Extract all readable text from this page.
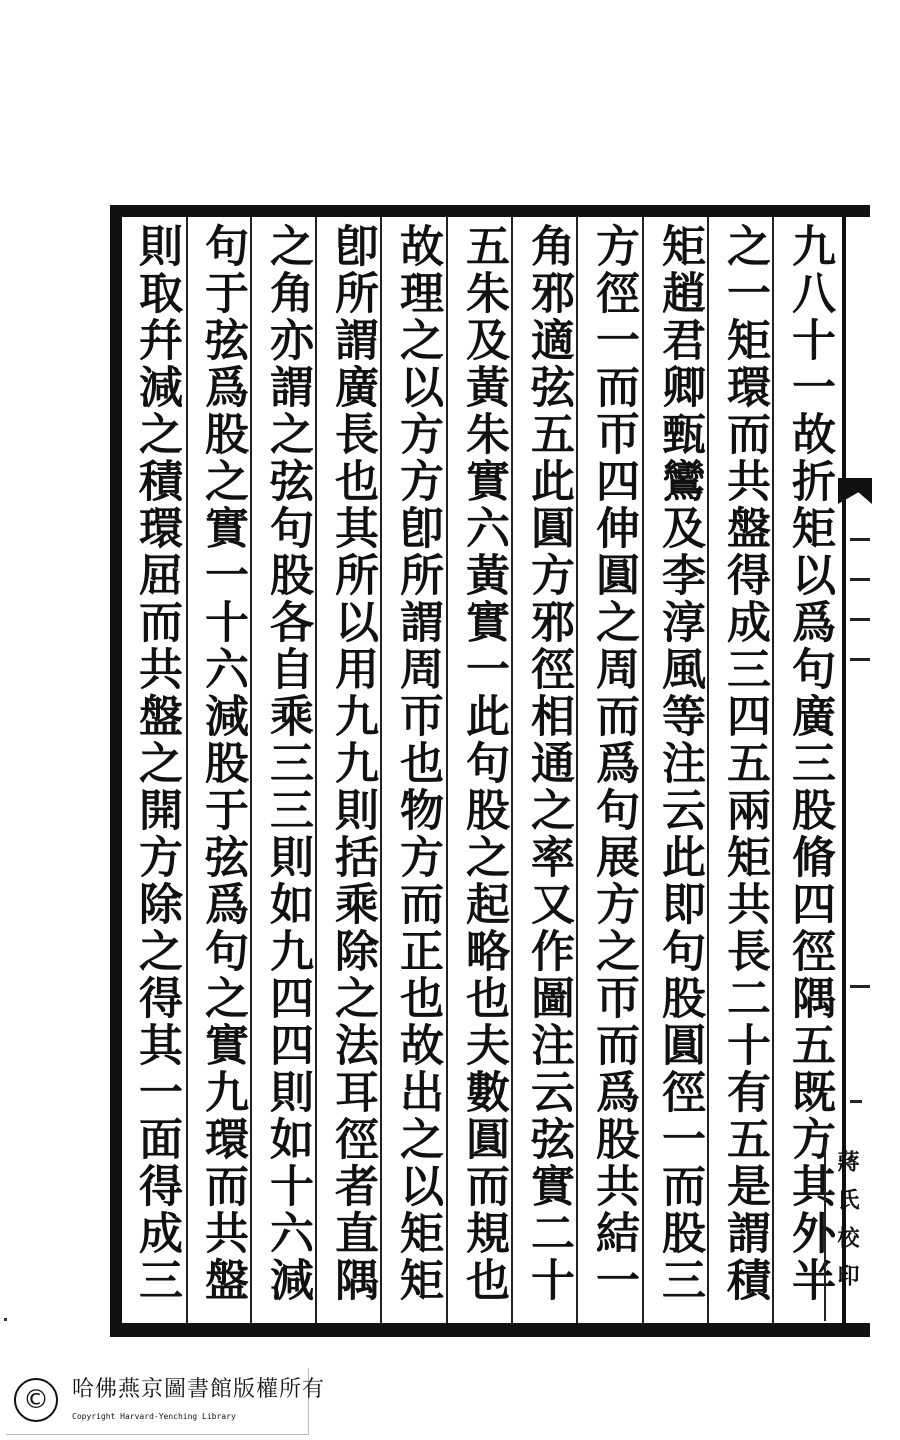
九八十一故折矩以爲句廣三股脩四徑隅五既方其外半
之一矩環而共盤得成三四五兩矩共長二十有五是謂積
矩趙君卿甄鸞及李淳風等注云此即句股圓徑一而股三
方徑一而帀四伸圓之周而爲句展方之帀而爲股共結一
角邪適弦五此圓方邪徑相通之率又作圖注云弦實二十
五朱及黃朱實六黃實一此句股之起略也夫數圓而規也
故理之以方方卽所謂周帀也物方而正也故出之以矩矩
卽所謂廣長也其所以用九九則括乘除之法耳徑者直隅
之角亦謂之弦句股各自乘三三則如九四四則如十六減
句于弦爲股之實一十六減股于弦爲句之實九環而共盤
則取幷減之積環屈而共盤之開方除之得其一面得成三	蔣氏校印
©	哈佛燕京圖書館版權所有
Copyright Harvard-Yenching Library
